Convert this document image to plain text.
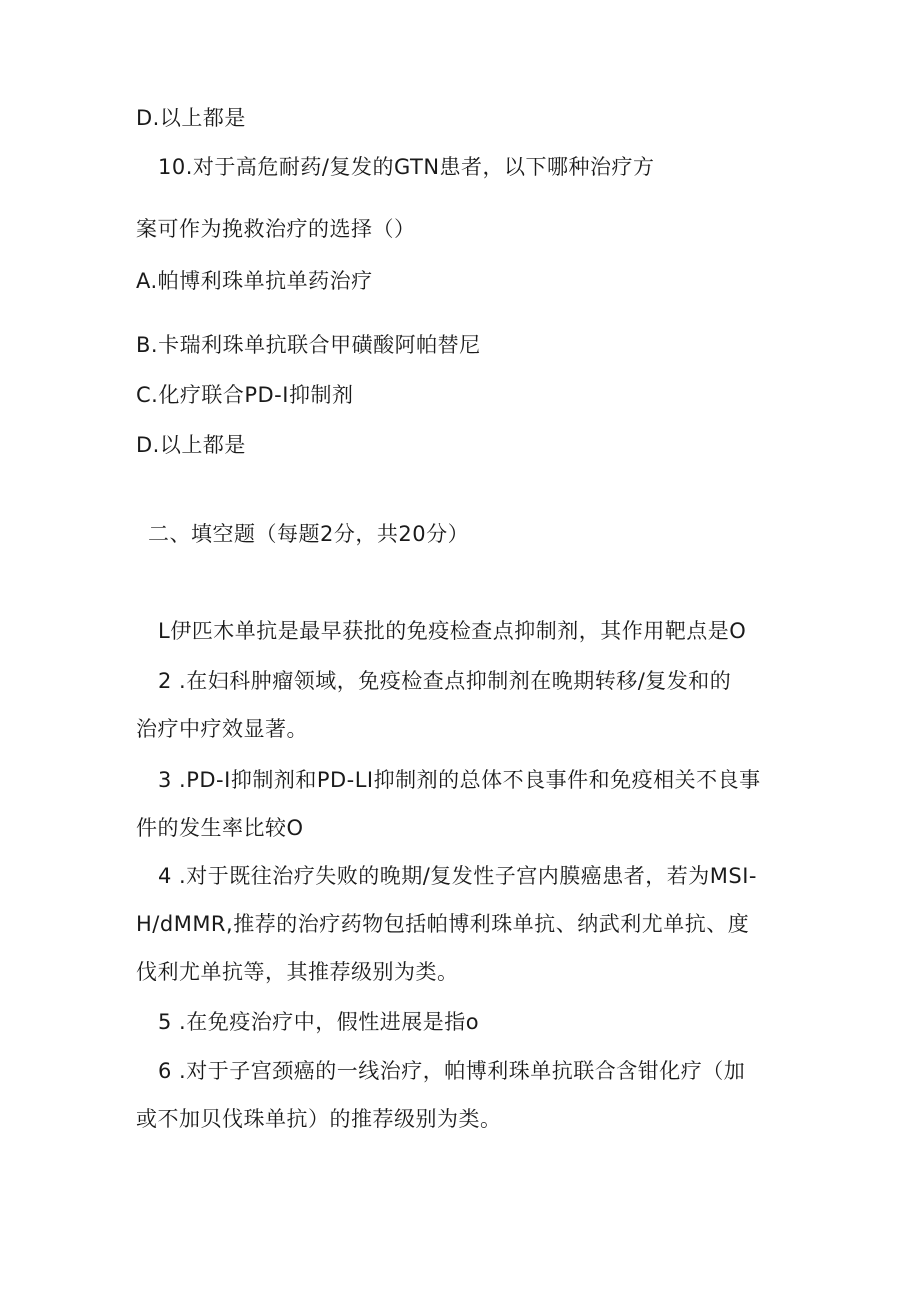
D.以上都是
10.对于高危耐药/复发的GTN患者，以下哪种治疗方
案可作为挽救治疗的选择（）
A.帕博利珠单抗单药治疗
B.卡瑞利珠单抗联合甲磺酸阿帕替尼
C.化疗联合PD-I抑制剂
D.以上都是
二、填空题（每题2分，共20分）
L伊匹木单抗是最早获批的免疫检查点抑制剂，其作用靶点是O
2 .在妇科肿瘤领域，免疫检查点抑制剂在晚期转移/复发和的
治疗中疗效显著。
3 .PD-I抑制剂和PD-LI抑制剂的总体不良事件和免疫相关不良事
件的发生率比较O
4 .对于既往治疗失败的晚期/复发性子宫内膜癌患者，若为MSI-
H/dMMR,推荐的治疗药物包括帕博利珠单抗、纳武利尤单抗、度
伐利尤单抗等，其推荐级别为类。
5 .在免疫治疗中，假性进展是指o
6 .对于子宫颈癌的一线治疗，帕博利珠单抗联合含钳化疗（加
或不加贝伐珠单抗）的推荐级别为类。
